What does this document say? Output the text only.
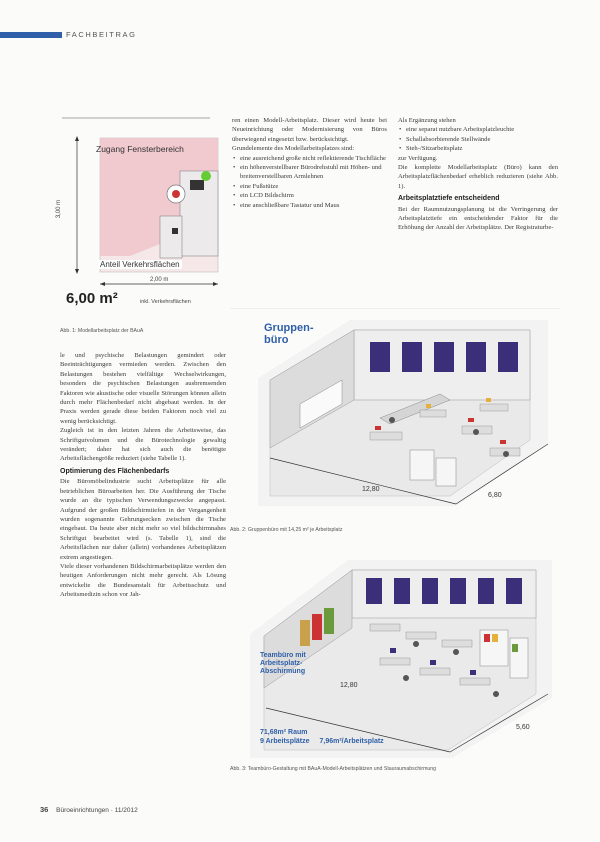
FACHBEITRAG
Zugang Fensterbereich
3,00 m
Anteil Verkehrsflächen
2,00 m
6,00 m²	inkl. Verkehrsflächen
Abb. 1: Modellarbeitsplatz der BAuA

le und psychische Belastungen gemindert oder Beeinträchtigungen vermieden werden. Zwischen den Belastungen bestehen vielfältige Wechselwirkungen, besonders die psychischen Belastungen ausbremsenden Faktoren wie akustische oder visuelle Störungen können allein durch mehr Flächenbedarf nicht abgebaut werden. In der Praxis werden gerade diese beiden Faktoren noch viel zu wenig berücksichtigt.

Zugleich ist in den letzten Jahren die Arbeitsweise, das Schriftgutvolumen und die Bürotechnologie gewaltig verändert; daher hat sich auch die benötigte Arbeitsflächengröße reduziert (siehe Tabelle 1).

Optimierung des Flächenbedarfs

Die Büromöbelindustrie sucht Arbeitsplätze für alle betrieblichen Büroarbeiten her. Die Ausführung der Tische wurde an die typischen Verwendungszwecke angepasst. Aufgrund der großen Bildschirmtiefen in der Vergangenheit wurden sogenannte Gehrungsecken zwischen die Tische eingebaut. Da heute aber nicht mehr so viel bildschirmnahes Schriftgut bearbeitet wird (s. Tabelle 1), sind die Arbeitsflächen nur daher (allein) vorhandenes Arbeitsplätzen extrem angestiegen.

Viele dieser vorhandenen Bildschirmarbeitsplätze werden den heutigen Anforderungen nicht mehr gerecht. Als Lösung entwickelte die Bundesanstalt für Arbeitsschutz und Arbeitsmedizin schon vor Jah-

ren einen Modell-Arbeitsplatz. Dieser wird heute bei Neueinrichtung oder Modernisierung von Büros überwiegend eingesetzt bzw. berücksichtigt.

Grundelemente des Modellarbeitsplatzes sind:

• eine ausreichend große nicht reflektierende Tischfläche
• ein höhenverstellbarer Bürodrehstuhl mit Höhen- und breitenverstellbaren Armlehnen
• eine Fußstütze
• ein LCD Bildschirm
• eine anschließbare Tastatur und Maus

Als Ergänzung stehen

• eine separat nutzbare Arbeitsplatzleuchte
• Schallabsorbierende Stellwände
• Steh-/Sitzarbeitsplatz

zur Verfügung.

Die komplette Modellarbeitsplatz (Büro) kann den Arbeitsplatzflächenbedarf erheblich reduzieren (siehe Abb. 1).

Arbeitsplatztiefe entscheidend

Bei der Raumnutzungsplanung ist die Verringerung der Arbeitsplatztiefe ein entscheidender Faktor für die Erhöhung der Anzahl der Arbeitsplätze. Der Registraturbe-

Gruppen-
büro
12,80
6,80
Abb. 2: Gruppenbüro mit 14,25 m² je Arbeitsplatz
Teambüro mit
Arbeitsplatz-
Abschirmung
12,80
5,60
71,68m² Raum
9 Arbeitsplätze 7,96m²/Arbeitsplatz
Abb. 3: Teambüro-Gestaltung mit BAuA-Modell-Arbeitsplätzen und Stauraumabschirmung
36 Büroeinrichtungen · 11/2012
